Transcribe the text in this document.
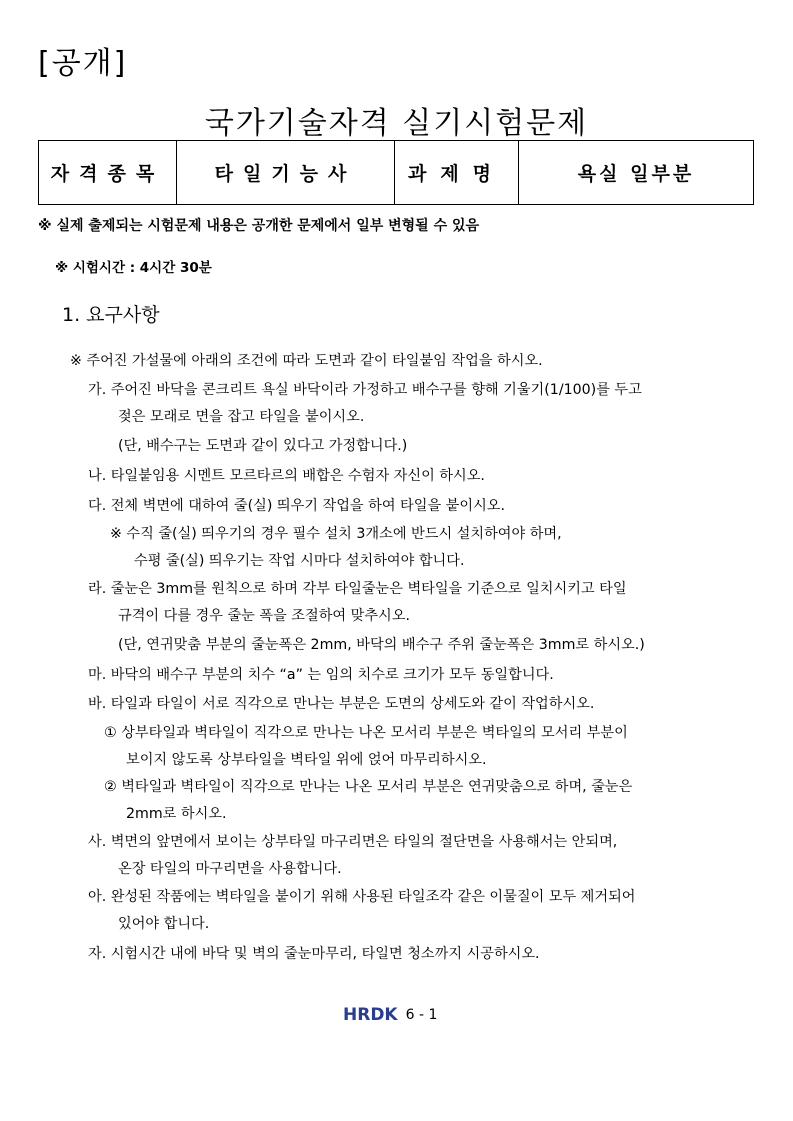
[공개]
국가기술자격 실기시험문제
자격종목	타일기능사	과제명	욕실 일부분
※ 실제 출제되는 시험문제 내용은 공개한 문제에서 일부 변형될 수 있음
※ 시험시간 : 4시간 30분
1. 요구사항
※ 주어진 가설물에 아래의 조건에 따라 도면과 같이 타일붙임 작업을 하시오.
가. 주어진 바닥을 콘크리트 욕실 바닥이라 가정하고 배수구를 향해 기울기(1/100)를 두고
젖은 모래로 면을 잡고 타일을 붙이시오.
(단, 배수구는 도면과 같이 있다고 가정합니다.)
나. 타일붙임용 시멘트 모르타르의 배합은 수험자 자신이 하시오.
다. 전체 벽면에 대하여 줄(실) 띄우기 작업을 하여 타일을 붙이시오.
※ 수직 줄(실) 띄우기의 경우 필수 설치 3개소에 반드시 설치하여야 하며,
수평 줄(실) 띄우기는 작업 시마다 설치하여야 합니다.
라. 줄눈은 3mm를 원칙으로 하며 각부 타일줄눈은 벽타일을 기준으로 일치시키고 타일
규격이 다를 경우 줄눈 폭을 조절하여 맞추시오.
(단, 연귀맞춤 부분의 줄눈폭은 2mm, 바닥의 배수구 주위 줄눈폭은 3mm로 하시오.)
마. 바닥의 배수구 부분의 치수 “a” 는 임의 치수로 크기가 모두 동일합니다.
바. 타일과 타일이 서로 직각으로 만나는 부분은 도면의 상세도와 같이 작업하시오.
① 상부타일과 벽타일이 직각으로 만나는 나온 모서리 부분은 벽타일의 모서리 부분이
보이지 않도록 상부타일을 벽타일 위에 얹어 마무리하시오.
② 벽타일과 벽타일이 직각으로 만나는 나온 모서리 부분은 연귀맞춤으로 하며, 줄눈은
2mm로 하시오.
사. 벽면의 앞면에서 보이는 상부타일 마구리면은 타일의 절단면을 사용해서는 안되며,
온장 타일의 마구리면을 사용합니다.
아. 완성된 작품에는 벽타일을 붙이기 위해 사용된 타일조각 같은 이물질이 모두 제거되어
있어야 합니다.
자. 시험시간 내에 바닥 및 벽의 줄눈마무리, 타일면 청소까지 시공하시오.
HRDK 6 - 1
